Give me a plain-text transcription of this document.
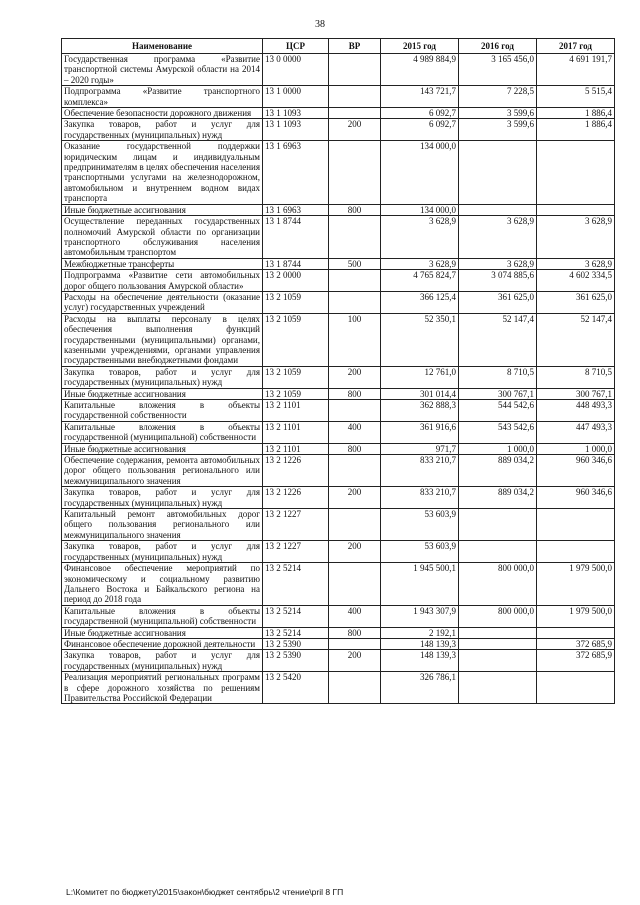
38
Наименование	ЦСР	ВР	2015 год	2016 год	2017 год
Государственная программа «Развитие транспортной системы Амурской области на 2014 – 2020 годы»	13 0 0000		4 989 884,9	3 165 456,0	4 691 191,7
Подпрограмма «Развитие транспортного комплекса»	13 1 0000		143 721,7	7 228,5	5 515,4
Обеспечение безопасности дорожного движения	13 1 1093		6 092,7	3 599,6	1 886,4
Закупка товаров, работ и услуг для государственных (муниципальных) нужд	13 1 1093	200	6 092,7	3 599,6	1 886,4
Оказание государственной поддержки юридическим лицам и индивидуальным предпринимателям в целях обеспечения населения транспортными услугами на железнодорожном, автомобильном и внутреннем водном видах транспорта	13 1 6963		134 000,0		
Иные бюджетные ассигнования	13 1 6963	800	134 000,0		
Осуществление переданных государственных полномочий Амурской области по организации транспортного обслуживания населения автомобильным транспортом	13 1 8744		3 628,9	3 628,9	3 628,9
Межбюджетные трансферты	13 1 8744	500	3 628,9	3 628,9	3 628,9
Подпрограмма «Развитие сети автомобильных дорог общего пользования Амурской области»	13 2 0000		4 765 824,7	3 074 885,6	4 602 334,5
Расходы на обеспечение деятельности (оказание услуг) государственных учреждений	13 2 1059		366 125,4	361 625,0	361 625,0
Расходы на выплаты персоналу в целях обеспечения выполнения функций государственными (муниципальными) органами, казенными учреждениями, органами управления государственными внебюджетными фондами	13 2 1059	100	52 350,1	52 147,4	52 147,4
Закупка товаров, работ и услуг для государственных (муниципальных) нужд	13 2 1059	200	12 761,0	8 710,5	8 710,5
Иные бюджетные ассигнования	13 2 1059	800	301 014,4	300 767,1	300 767,1
Капитальные вложения в объекты государственной собственности	13 2 1101		362 888,3	544 542,6	448 493,3
Капитальные вложения в объекты государственной (муниципальной) собственности	13 2 1101	400	361 916,6	543 542,6	447 493,3
Иные бюджетные ассигнования	13 2 1101	800	971,7	1 000,0	1 000,0
Обеспечение содержания, ремонта автомобильных дорог общего пользования регионального или межмуниципального значения	13 2 1226		833 210,7	889 034,2	960 346,6
Закупка товаров, работ и услуг для государственных (муниципальных) нужд	13 2 1226	200	833 210,7	889 034,2	960 346,6
Капитальный ремонт автомобильных дорог общего пользования регионального или межмуниципального значения	13 2 1227		53 603,9		
Закупка товаров, работ и услуг для государственных (муниципальных) нужд	13 2 1227	200	53 603,9		
Финансовое обеспечение мероприятий по экономическому и социальному развитию Дальнего Востока и Байкальского региона на период до 2018 года	13 2 5214		1 945 500,1	800 000,0	1 979 500,0
Капитальные вложения в объекты государственной (муниципальной) собственности	13 2 5214	400	1 943 307,9	800 000,0	1 979 500,0
Иные бюджетные ассигнования	13 2 5214	800	2 192,1		
Финансовое обеспечение дорожной деятельности	13 2 5390		148 139,3		372 685,9
Закупка товаров, работ и услуг для государственных (муниципальных) нужд	13 2 5390	200	148 139,3		372 685,9
Реализация мероприятий региональных программ в сфере дорожного хозяйства по решениям Правительства Российской Федерации	13 2 5420		326 786,1		
L:\Комитет по бюджету\2015\закон\бюджет сентябрь\2 чтение\pril 8 ГП
